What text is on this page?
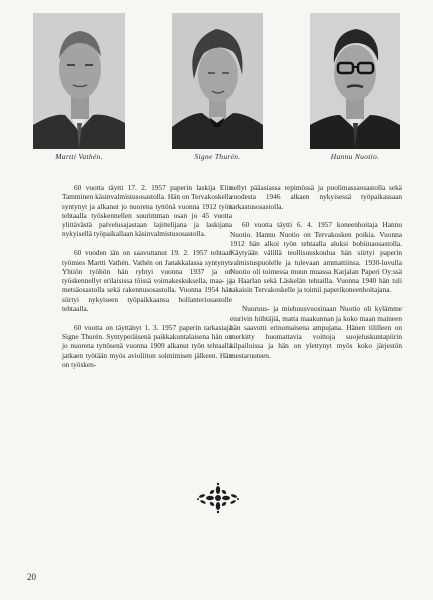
Martti Vathén.	Signe Thurén.	Hannu Nuotio.

60 vuotta täytti 17. 2. 1957 paperin laskija Elin Tamminen käsinvalmistusosastolla. Hän on Tervakoskella syntynyt ja alkanut jo nuorena tyttönä vuonna 1912 työn tehtaalla työskennellen suurimman osan jo 45 vuotta ylittävästä palvelusajastaan lajittelijana ja laskijana nykyisellä työpaikallaan käsinvalmistusosastolla.

60 vuoden iän on saavuttanut 19. 2. 1957 tehtaan työmies Martti Vathén. Vathén on Janakkalassa syntynyt. Yhtiön työhön hän ryhtyi vuonna 1937 ja on työskennellyt erilaisissa töissä voimakeskuksella, maa- ja metsäosastolla sekä rakennusosastolla. Vuonna 1954 hän siirtyi nykyiseen työpaikkaansa hollanteriosastolle tehtaalla.

60 vuotta on täyttänyt 1. 3. 1957 paperin tarkastaja Signe Thurén. Syntyperäisenä paikkakuntalaisena hän on jo nuorena tyttösenä vuonna 1909 alkanut työn tehtaalla jatkaen työtään myös avioliiton solmimisen jälkeen. Hän on työsken-

nellyt pääasiassa repimössä ja puolimassaosastolla sekä vuodesta 1946 alkaen nykyisessä työpaikassaan tarkastusosastolla.

60 vuotta täytti 6. 4. 1957 koneenhoitaja Hannu Nuotio. Hannu Nuotio on Tervakosken poikia. Vuonna 1912 hän alkoi työn tehtaalla aluksi bobiinaosastolla. Käytyään välillä teollisuuskoulua hän siirtyi paperin valmistuspuolelle ja tulevaan ammattiinsa. 1930-luvulla Nuotio oli toimessa muun muassa Karjalan Paperi Oy:ssä ja Haarlan sekä Läskelän tehtailla. Vuonna 1940 hän tuli takaisin Tervakoskelle ja toimii paperikoneenhoitajana.

Nuoruus- ja miehuusvuosinaan Nuotio oli kylämme eturivin hiihtäjiä, matta maakunnan ja koko maan maineen hän saavutti erinomaisena ampujana. Hänen tililleen on merkitty huomattavia voittoja suojeluskuntapiirin kilpailuissa ja hän on ylettynyt myös koko järjestön mestaruuteen.

20
